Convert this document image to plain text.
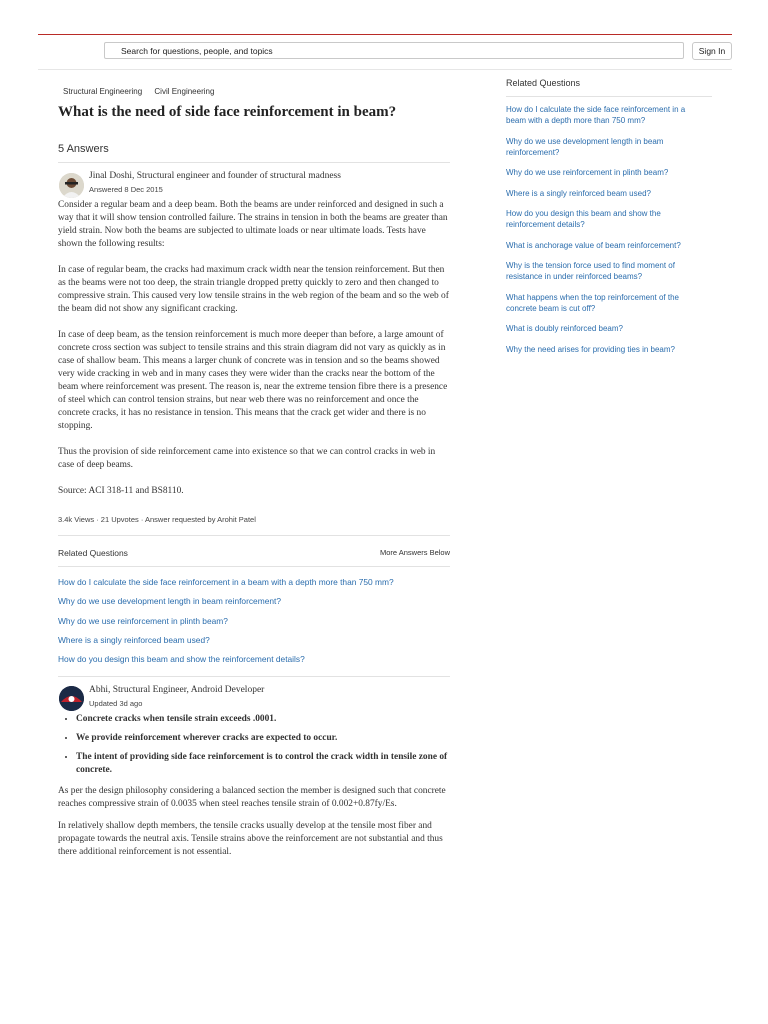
Search for questions, people, and topics	Sign In
Structural Engineering Civil Engineering
What is the need of side face reinforcement in beam?
5 Answers
Jinal Doshi, Structural engineer and founder of structural madness
Answered 8 Dec 2015

Consider a regular beam and a deep beam. Both the beams are under reinforced and designed in such a way that it will show tension controlled failure. The strains in tension in both the beams are greater than yield strain. Now both the beams are subjected to ultimate loads or near ultimate loads. Tests have shown the following results:

In case of regular beam, the cracks had maximum crack width near the tension reinforcement. But then as the beams were not too deep, the strain triangle dropped pretty quickly to zero and then changed to compressive strain. This caused very low tensile strains in the web region of the beam and so the web of the beam did not show any significant cracking.

In case of deep beam, as the tension reinforcement is much more deeper than before, a large amount of concrete cross section was subject to tensile strains and this strain diagram did not vary as quickly as in case of shallow beam. This means a larger chunk of concrete was in tension and so the beams showed very wide cracking in web and in many cases they were wider than the cracks near the bottom of the beam where reinforcement was present. The reason is, near the extreme tension fibre there is a presence of steel which can control tension strains, but near web there was no reinforcement and once the concrete cracks, it has no resistance in tension. This means that the crack get wider and there is no stopping.

Thus the provision of side reinforcement came into existence so that we can control cracks in web in case of deep beams.

Source: ACI 318-11 and BS8110.

3.4k Views · 21 Upvotes · Answer requested by Arohit Patel
Related Questions	More Answers Below
How do I calculate the side face reinforcement in a beam with a depth more than 750 mm?
Why do we use development length in beam reinforcement?
Why do we use reinforcement in plinth beam?
Where is a singly reinforced beam used?
How do you design this beam and show the reinforcement details?
Abhi, Structural Engineer, Android Developer
Updated 3d ago
• Concrete cracks when tensile strain exceeds .0001.
• We provide reinforcement wherever cracks are expected to occur.
• The intent of providing side face reinforcement is to control the crack width in tensile zone of concrete.

As per the design philosophy considering a balanced section the member is designed such that concrete reaches compressive strain of 0.0035 when steel reaches tensile strain of 0.002+0.87fy/Es.

In relatively shallow depth members, the tensile cracks usually develop at the tensile most fiber and propagate towards the neutral axis. Tensile strains above the reinforcement are not substantial and thus there additional reinforcement is not essential.

Related Questions
How do I calculate the side face reinforcement in a beam with a depth more than 750 mm?
Why do we use development length in beam reinforcement?
Why do we use reinforcement in plinth beam?
Where is a singly reinforced beam used?
How do you design this beam and show the reinforcement details?
What is anchorage value of beam reinforcement?
Why is the tension force used to find moment of resistance in under reinforced beams?
What happens when the top reinforcement of the concrete beam is cut off?
What is doubly reinforced beam?
Why the need arises for providing ties in beam?
